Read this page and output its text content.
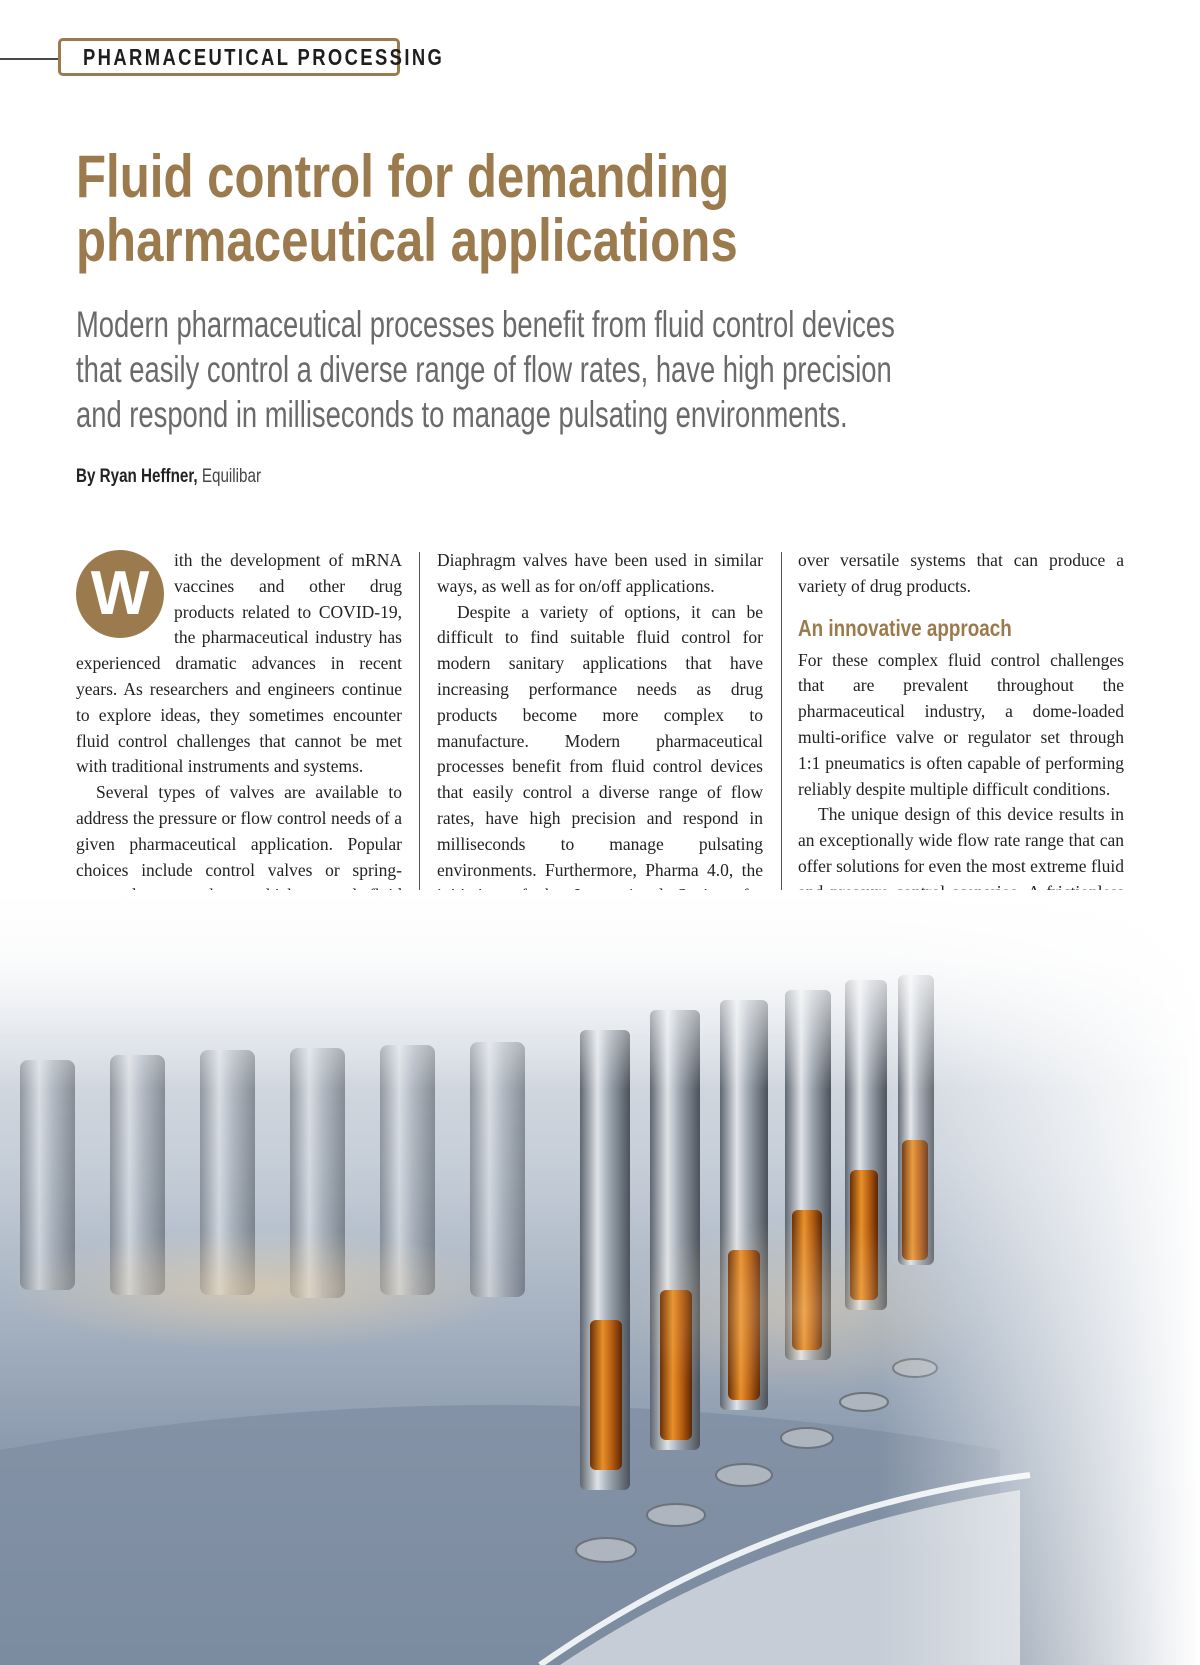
PHARMACEUTICAL PROCESSING
Fluid control for demanding
pharmaceutical applications
Modern pharmaceutical processes benefit from fluid control devices
that easily control a diverse range of flow rates, have high precision
and respond in milliseconds to manage pulsating environments.
By Ryan Heffner, Equilibar

W	ith the development of mRNA vaccines and other drug products related to COVID-19, the pharmaceutical industry has experienced dramatic advances in recent years. As researchers and engineers continue to explore ideas, they sometimes encounter fluid control challenges that cannot be met with traditional instruments and systems.

Several types of valves are available to address the pressure or flow control needs of a given pharmaceutical application. Popular choices include control valves or spring-

Diaphragm valves have been used in similar ways, as well as for on/off applications.

Despite a variety of options, it can be difficult to find suitable fluid control for modern sanitary applications that have increasing performance needs as drug products become more complex to manufacture. Modern pharmaceutical processes benefit from fluid control devices that easily control a diverse range of flow rates, have high precision and respond in milliseconds to manage pulsating environments. Furthermore, Pharma 4.0, the

over versatile systems that can produce a variety of drug products.

An innovative approach

For these complex fluid control challenges that are prevalent throughout the pharmaceutical industry, a dome-loaded multi-orifice valve or regulator set through 1:1 pneumatics is often capable of performing reliably despite multiple difficult conditions.

The unique design of this device results in an exceptionally wide flow rate range that can offer solutions for even the most extreme fluid
